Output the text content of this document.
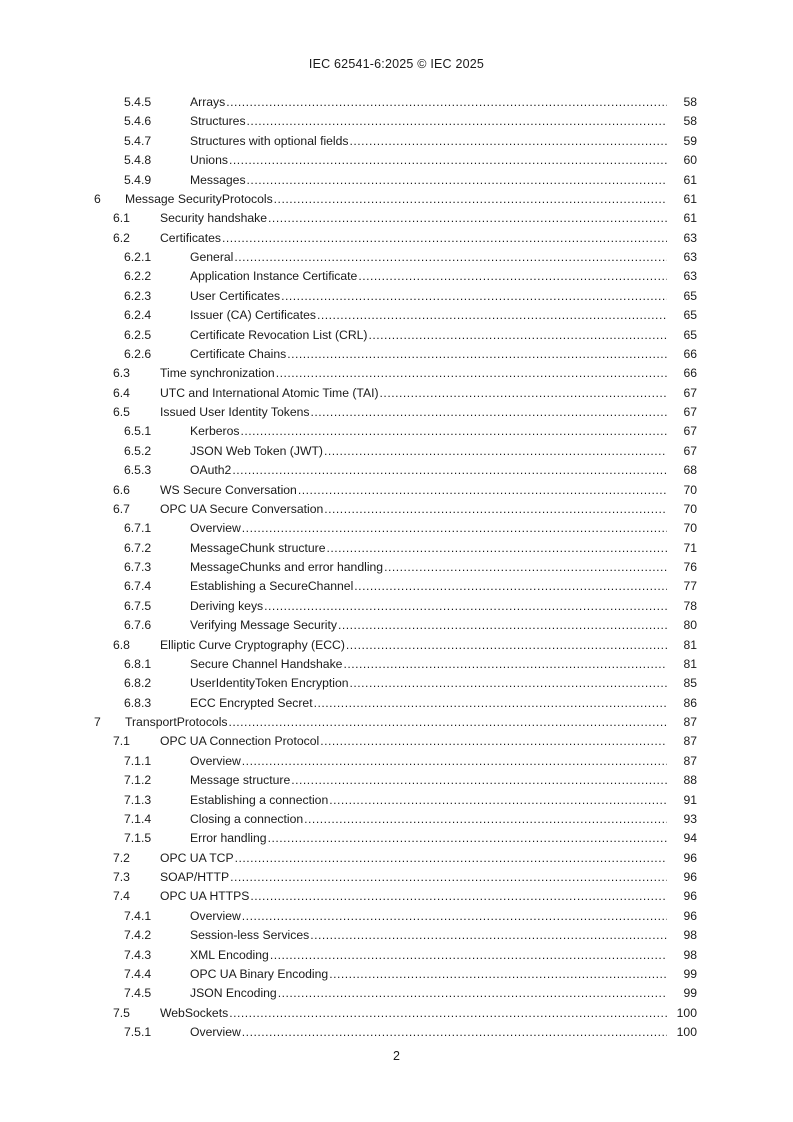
IEC 62541-6:2025 © IEC 2025
5.4.5	Arrays .....	58
5.4.6	Structures .....	58
5.4.7	Structures with optional fields .....	59
5.4.8	Unions .....	60
5.4.9	Messages .....	61
6 Message SecurityProtocols .....	61
6.1 Security handshake .....	61
6.2 Certificates .....	63
6.2.1	General .....	63
6.2.2	Application Instance Certificate .....	63
6.2.3	User Certificates .....	65
6.2.4	Issuer (CA) Certificates .....	65
6.2.5	Certificate Revocation List (CRL) .....	65
6.2.6	Certificate Chains .....	66
6.3 Time synchronization .....	66
6.4 UTC and International Atomic Time (TAI) .....	67
6.5 Issued User Identity Tokens .....	67
6.5.1	Kerberos .....	67
6.5.2	JSON Web Token (JWT) .....	67
6.5.3	OAuth2 .....	68
6.6 WS Secure Conversation .....	70
6.7 OPC UA Secure Conversation .....	70
6.7.1	Overview .....	70
6.7.2	MessageChunk structure .....	71
6.7.3	MessageChunks and error handling .....	76
6.7.4	Establishing a SecureChannel .....	77
6.7.5	Deriving keys .....	78
6.7.6	Verifying Message Security .....	80
6.8 Elliptic Curve Cryptography (ECC) .....	81
6.8.1	Secure Channel Handshake .....	81
6.8.2	UserIdentityToken Encryption .....	85
6.8.3	ECC Encrypted Secret .....	86
7 TransportProtocols .....	87
7.1 OPC UA Connection Protocol .....	87
7.1.1	Overview .....	87
7.1.2	Message structure .....	88
7.1.3	Establishing a connection .....	91
7.1.4	Closing a connection .....	93
7.1.5	Error handling .....	94
7.2 OPC UA TCP .....	96
7.3 SOAP/HTTP .....	96
7.4 OPC UA HTTPS .....	96
7.4.1	Overview .....	96
7.4.2	Session-less Services .....	98
7.4.3	XML Encoding .....	98
7.4.4	OPC UA Binary Encoding .....	99
7.4.5	JSON Encoding .....	99
7.5 WebSockets .....	100
7.5.1	Overview .....	100
2
